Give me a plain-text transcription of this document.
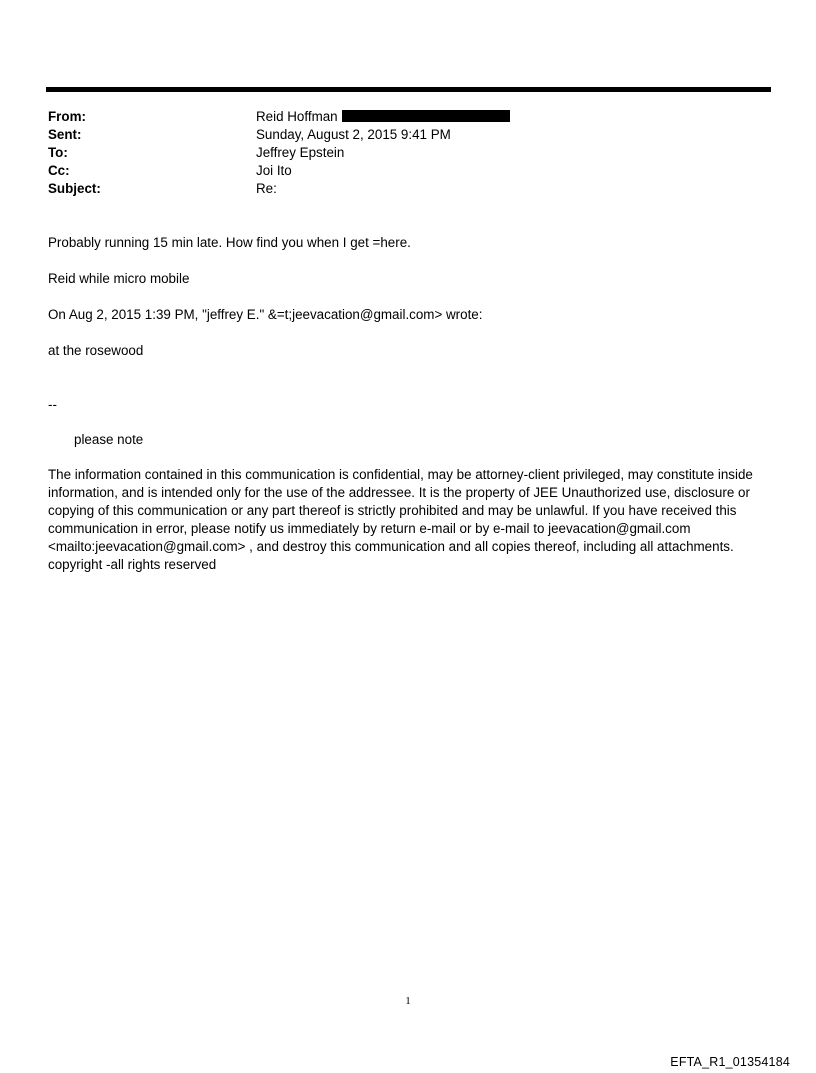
From:	Reid Hoffman
Sent:	Sunday, August 2, 2015 9:41 PM
To:	Jeffrey Epstein
Cc:	Joi Ito
Subject:	Re:
Probably running 15 min late. How find you when I get =here.
Reid while micro mobile
On Aug 2, 2015 1:39 PM, "jeffrey E." &=t;jeevacation@gmail.com> wrote:
at the rosewood
--
please note
The information contained in this communication is confidential, may be attorney-client privileged, may constitute inside information, and is intended only for the use of the addressee. It is the property of JEE Unauthorized use, disclosure or copying of this communication or any part thereof is strictly prohibited and may be unlawful. If you have received this communication in error, please notify us immediately by return e-mail or by e-mail to jeevacation@gmail.com <mailto:jeevacation@gmail.com> , and destroy this communication and all copies thereof, including all attachments. copyright -all rights reserved
1
EFTA_R1_01354184
